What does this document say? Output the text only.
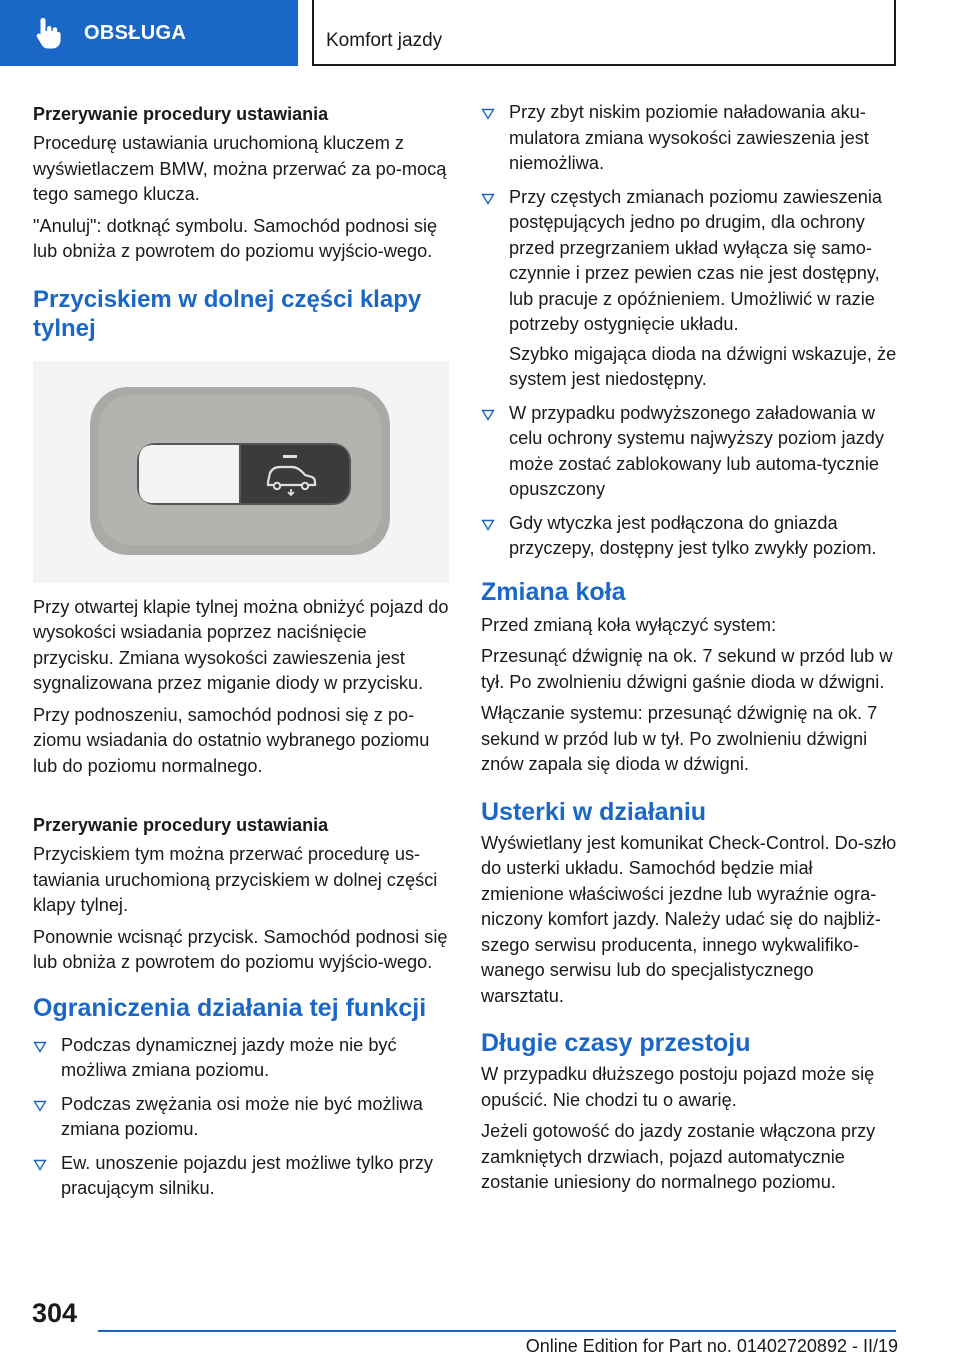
OBSŁUGA	Komfort jazdy
Przerywanie procedury ustawiania

Procedurę ustawiania uruchomioną kluczem z wyświetlaczem BMW, można przerwać za po‐mocą tego samego klucza.

"Anuluj": dotknąć symbolu. Samochód podnosi się lub obniża z powrotem do poziomu wyjścio‐wego.

Przyciskiem w dolnej części klapy tylnej

Przy otwartej klapie tylnej można obniżyć pojazd do wysokości wsiadania poprzez naciśnięcie przycisku. Zmiana wysokości zawieszenia jest sygnalizowana przez miganie diody w przycisku.

Przy podnoszeniu, samochód podnosi się z po‐ziomu wsiadania do ostatnio wybranego poziomu lub do poziomu normalnego.

Przerywanie procedury ustawiania

Przyciskiem tym można przerwać procedurę us‐tawiania uruchomioną przyciskiem w dolnej części klapy tylnej.

Ponownie wcisnąć przycisk. Samochód podnosi się lub obniża z powrotem do poziomu wyjścio‐wego.

Ograniczenia działania tej funkcji
Podczas dynamicznej jazdy może nie być możliwa zmiana poziomu.
Podczas zwężania osi może nie być możliwa zmiana poziomu.
Ew. unoszenie pojazdu jest możliwe tylko przy pracującym silniku.
Przy zbyt niskim poziomie naładowania aku‐mulatora zmiana wysokości zawieszenia jest niemożliwa.
Przy częstych zmianach poziomu zawieszenia postępujących jedno po drugim, dla ochrony przed przegrzaniem układ wyłącza się samo‐czynnie i przez pewien czas nie jest dostępny, lub pracuje z opóźnieniem. Umożliwić w razie potrzeby ostygnięcie układu.

Szybko migająca dioda na dźwigni wskazuje, że system jest niedostępny.

W przypadku podwyższonego załadowania w celu ochrony systemu najwyższy poziom jazdy może zostać zablokowany lub automa‐tycznie opuszczony
Gdy wtyczka jest podłączona do gniazda przyczepy, dostępny jest tylko zwykły poziom.
Zmiana koła

Przed zmianą koła wyłączyć system:

Przesunąć dźwignię na ok. 7 sekund w przód lub w tył. Po zwolnieniu dźwigni gaśnie dioda w dźwigni.

Włączanie systemu: przesunąć dźwignię na ok. 7 sekund w przód lub w tył. Po zwolnieniu dźwigni znów zapala się dioda w dźwigni.

Usterki w działaniu

Wyświetlany jest komunikat Check-Control. Do‐szło do usterki układu. Samochód będzie miał zmienione właściwości jezdne lub wyraźnie ogra‐niczony komfort jazdy. Należy udać się do najbliż‐szego serwisu producenta, innego wykwalifiko‐wanego serwisu lub do specjalistycznego warsztatu.

Długie czasy przestoju

W przypadku dłuższego postoju pojazd może się opuścić. Nie chodzi tu o awarię.

Jeżeli gotowość do jazdy zostanie włączona przy zamkniętych drzwiach, pojazd automatycznie zostanie uniesiony do normalnego poziomu.

304
Online Edition for Part no. 01402720892 - II/19
